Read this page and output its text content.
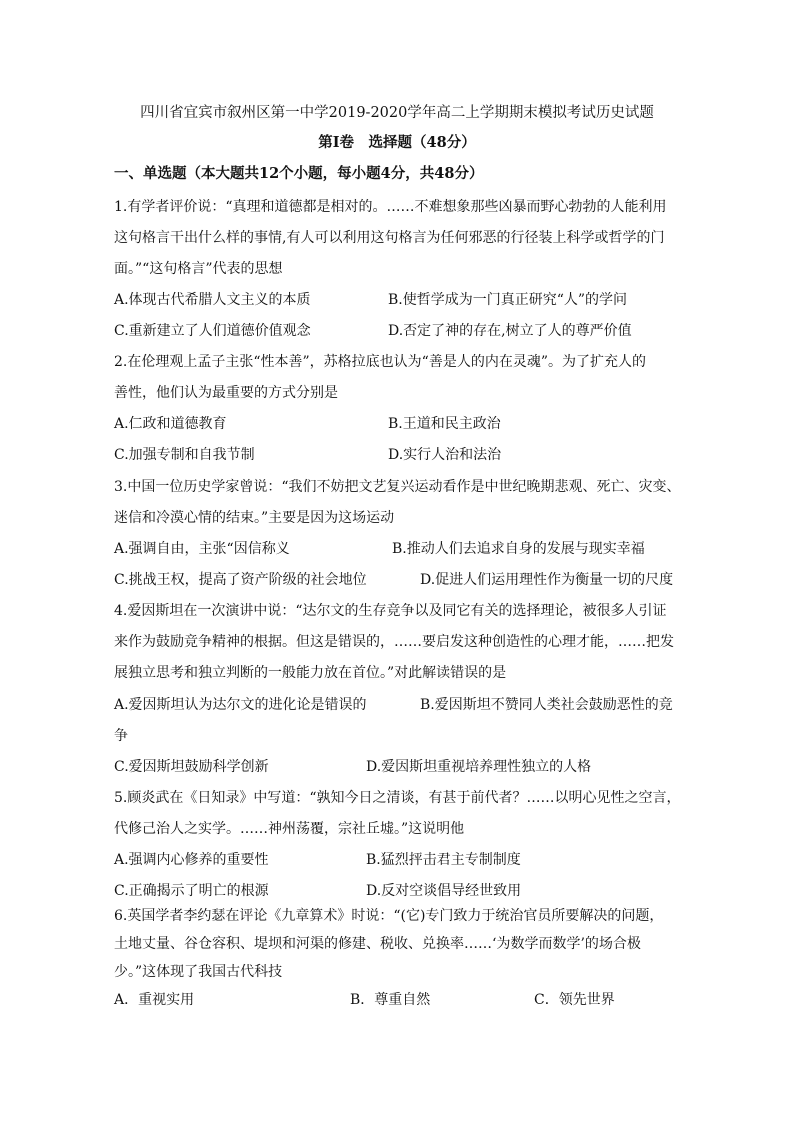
四川省宜宾市叙州区第一中学2019-2020学年高二上学期期末模拟考试历史试题
第Ⅰ卷　选择题（48分）
一、单选题（本大题共12个小题，每小题4分，共48分）
1.有学者评价说：“真理和道德都是相对的。……不难想象那些凶暴而野心勃勃的人能利用
这句格言干出什么样的事情,有人可以利用这句格言为任何邪恶的行径装上科学或哲学的门
面。”“这句格言”代表的思想
A.体现古代希腊人文主义的本质	B.使哲学成为一门真正研究“人”的学问
C.重新建立了人们道德价值观念	D.否定了神的存在,树立了人的尊严价值
2.在伦理观上孟子主张“性本善”，苏格拉底也认为“善是人的内在灵魂”。为了扩充人的
善性，他们认为最重要的方式分别是
A.仁政和道德教育	B.王道和民主政治
C.加强专制和自我节制	D.实行人治和法治
3.中国一位历史学家曾说：“我们不妨把文艺复兴运动看作是中世纪晚期悲观、死亡、灾变、
迷信和冷漠心情的结束。”主要是因为这场运动
A.强调自由，主张“因信称义	B.推动人们去追求自身的发展与现实幸福
C.挑战王权，提高了资产阶级的社会地位	D.促进人们运用理性作为衡量一切的尺度
4.爱因斯坦在一次演讲中说：“达尔文的生存竞争以及同它有关的选择理论，被很多人引证
来作为鼓励竞争精神的根据。但这是错误的，……要启发这种创造性的心理才能，……把发
展独立思考和独立判断的一般能力放在首位。”对此解读错误的是
A.爱因斯坦认为达尔文的进化论是错误的	B.爱因斯坦不赞同人类社会鼓励恶性的竞
争
C.爱因斯坦鼓励科学创新	D.爱因斯坦重视培养理性独立的人格
5.顾炎武在《日知录》中写道：“孰知今日之清谈，有甚于前代者？……以明心见性之空言，
代修己治人之实学。……神州荡覆，宗社丘墟。”这说明他
A.强调内心修养的重要性	B.猛烈抨击君主专制制度
C.正确揭示了明亡的根源	D.反对空谈倡导经世致用
6.英国学者李约瑟在评论《九章算术》时说：“(它)专门致力于统治官员所要解决的问题，
土地丈量、谷仓容积、堤坝和河渠的修建、税收、兑换率……‘为数学而数学’的场合极
少。”这体现了我国古代科技
A．重视实用	B．尊重自然	C．领先世界
